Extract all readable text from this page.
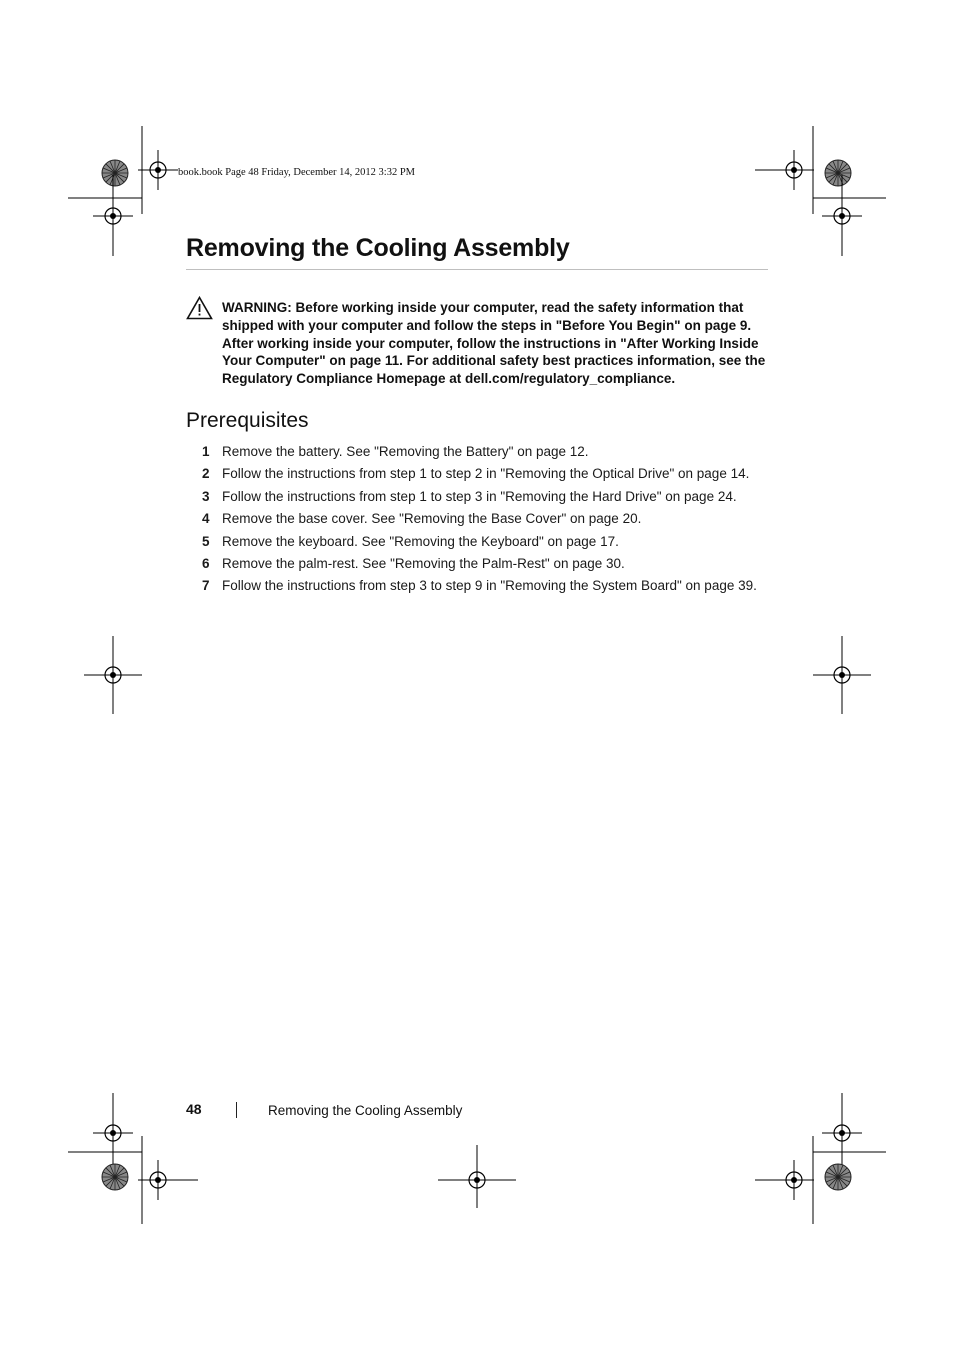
book.book Page 48 Friday, December 14, 2012 3:32 PM
Removing the Cooling Assembly
WARNING: Before working inside your computer, read the safety information that shipped with your computer and follow the steps in "Before You Begin" on page 9. After working inside your computer, follow the instructions in "After Working Inside Your Computer" on page 11. For additional safety best practices information, see the Regulatory Compliance Homepage at dell.com/regulatory_compliance.
Prerequisites
1 Remove the battery. See "Removing the Battery" on page 12.
2 Follow the instructions from step 1 to step 2 in "Removing the Optical Drive" on page 14.
3 Follow the instructions from step 1 to step 3 in "Removing the Hard Drive" on page 24.
4 Remove the base cover. See "Removing the Base Cover" on page 20.
5 Remove the keyboard. See "Removing the Keyboard" on page 17.
6 Remove the palm-rest. See "Removing the Palm-Rest" on page 30.
7 Follow the instructions from step 3 to step 9 in "Removing the System Board" on page 39.
48	Removing the Cooling Assembly
